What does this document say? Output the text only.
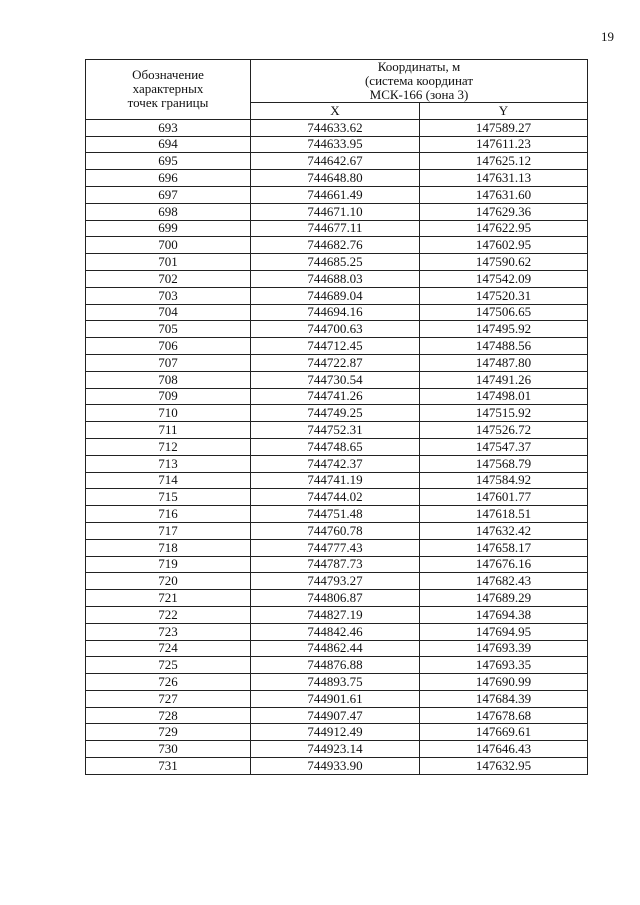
19
Обозначение
характерных
точек границы	Координаты, м
(система координат
МСК-166 (зона 3)	

	X	Y
693	744633.62	147589.27
694	744633.95	147611.23
695	744642.67	147625.12
696	744648.80	147631.13
697	744661.49	147631.60
698	744671.10	147629.36
699	744677.11	147622.95
700	744682.76	147602.95
701	744685.25	147590.62
702	744688.03	147542.09
703	744689.04	147520.31
704	744694.16	147506.65
705	744700.63	147495.92
706	744712.45	147488.56
707	744722.87	147487.80
708	744730.54	147491.26
709	744741.26	147498.01
710	744749.25	147515.92
711	744752.31	147526.72
712	744748.65	147547.37
713	744742.37	147568.79
714	744741.19	147584.92
715	744744.02	147601.77
716	744751.48	147618.51
717	744760.78	147632.42
718	744777.43	147658.17
719	744787.73	147676.16
720	744793.27	147682.43
721	744806.87	147689.29
722	744827.19	147694.38
723	744842.46	147694.95
724	744862.44	147693.39
725	744876.88	147693.35
726	744893.75	147690.99
727	744901.61	147684.39
728	744907.47	147678.68
729	744912.49	147669.61
730	744923.14	147646.43
731	744933.90	147632.95
